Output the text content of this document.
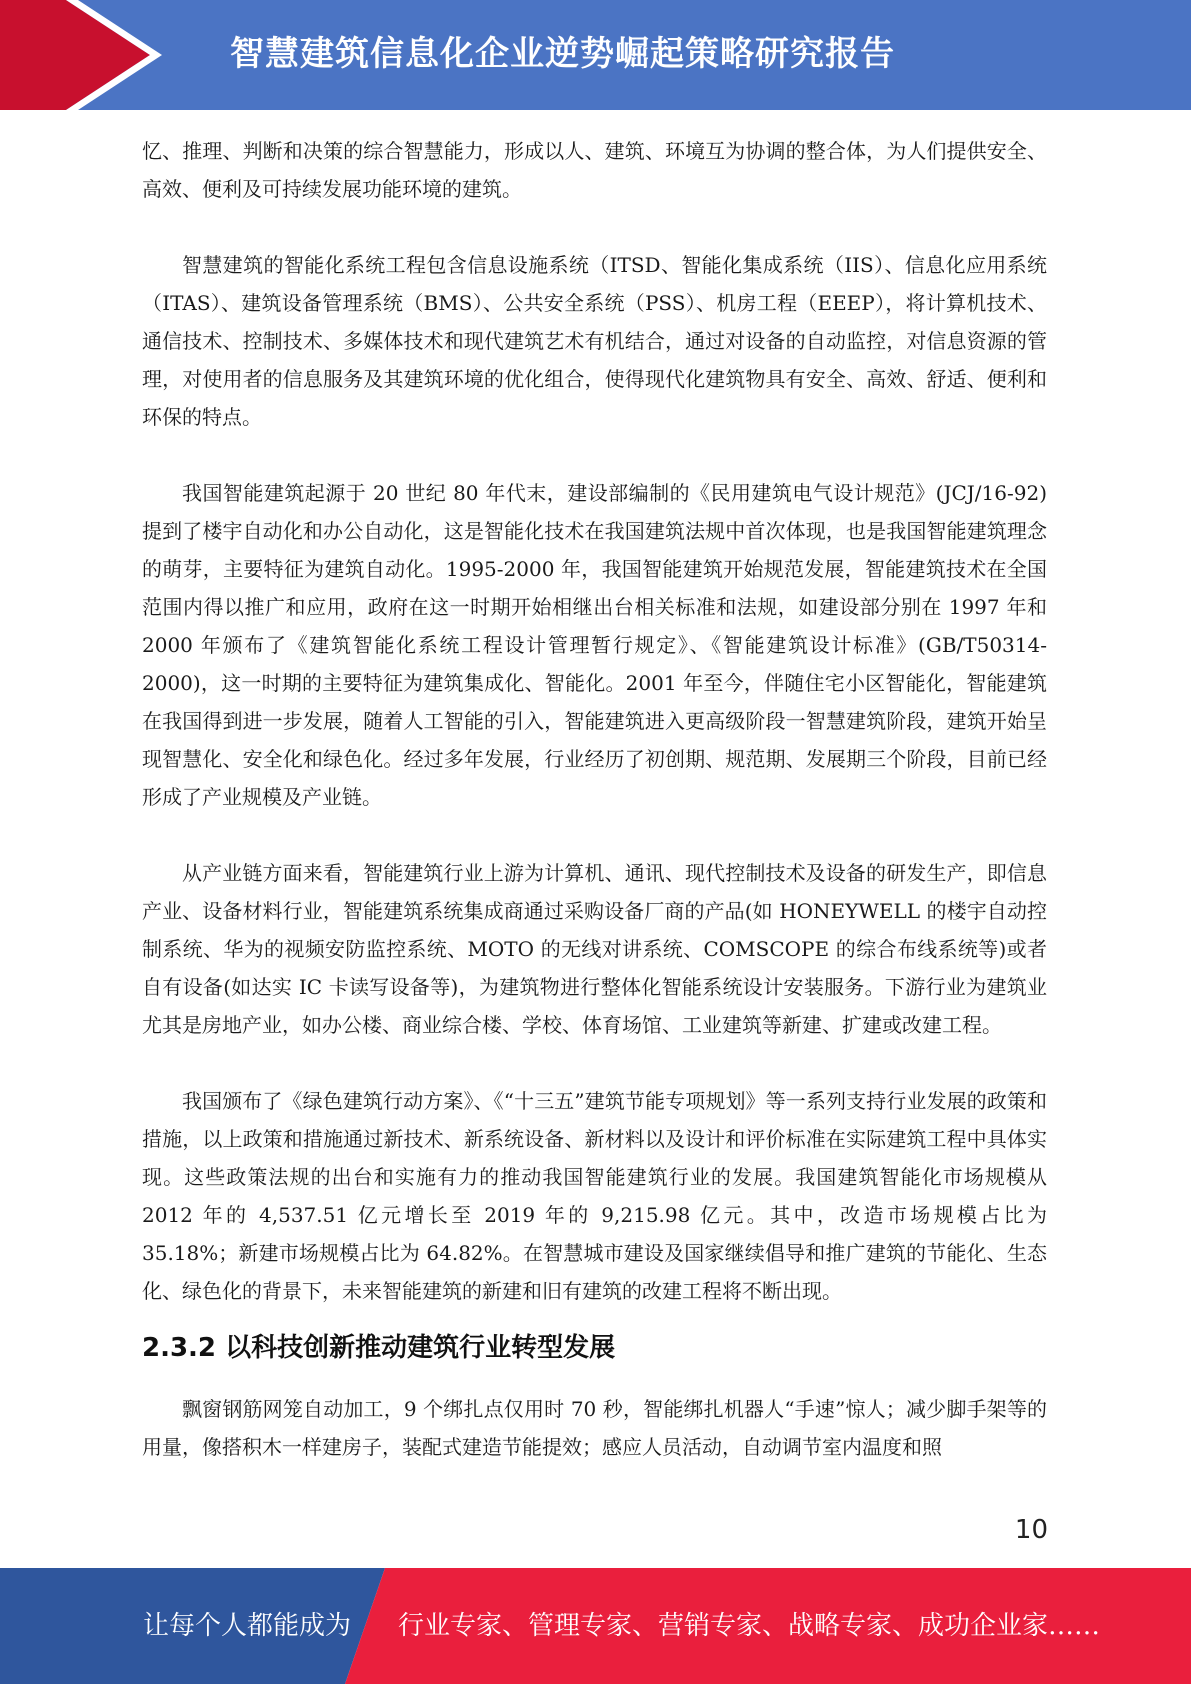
智慧建筑信息化企业逆势崛起策略研究报告

忆、推理、判断和决策的综合智慧能力，形成以人、建筑、环境互为协调的整合体，为人们提供安全、高效、便利及可持续发展功能环境的建筑。

智慧建筑的智能化系统工程包含信息设施系统（ITSD、智能化集成系统（IIS）、信息化应用系统（ITAS）、建筑设备管理系统（BMS）、公共安全系统（PSS）、机房工程（EEEP），将计算机技术、通信技术、控制技术、多媒体技术和现代建筑艺术有机结合，通过对设备的自动监控，对信息资源的管理，对使用者的信息服务及其建筑环境的优化组合，使得现代化建筑物具有安全、高效、舒适、便利和环保的特点。

我国智能建筑起源于 20 世纪 80 年代末，建设部编制的《民用建筑电气设计规范》(JCJ/16-92)提到了楼宇自动化和办公自动化，这是智能化技术在我国建筑法规中首次体现，也是我国智能建筑理念的萌芽，主要特征为建筑自动化。1995-2000 年，我国智能建筑开始规范发展，智能建筑技术在全国范围内得以推广和应用，政府在这一时期开始相继出台相关标准和法规，如建设部分别在 1997 年和 2000 年颁布了《建筑智能化系统工程设计管理暂行规定》、《智能建筑设计标准》(GB/T50314-2000)，这一时期的主要特征为建筑集成化、智能化。2001 年至今，伴随住宅小区智能化，智能建筑在我国得到进一步发展，随着人工智能的引入，智能建筑进入更高级阶段一智慧建筑阶段，建筑开始呈现智慧化、安全化和绿色化。经过多年发展，行业经历了初创期、规范期、发展期三个阶段，目前已经形成了产业规模及产业链。

从产业链方面来看，智能建筑行业上游为计算机、通讯、现代控制技术及设备的研发生产，即信息产业、设备材料行业，智能建筑系统集成商通过采购设备厂商的产品(如 HONEYWELL 的楼宇自动控制系统、华为的视频安防监控系统、MOTO 的无线对讲系统、COMSCOPE 的综合布线系统等)或者自有设备(如达实 IC 卡读写设备等)，为建筑物进行整体化智能系统设计安装服务。下游行业为建筑业尤其是房地产业，如办公楼、商业综合楼、学校、体育场馆、工业建筑等新建、扩建或改建工程。

我国颁布了《绿色建筑行动方案》、《“十三五”建筑节能专项规划》等一系列支持行业发展的政策和措施，以上政策和措施通过新技术、新系统设备、新材料以及设计和评价标准在实际建筑工程中具体实现。这些政策法规的出台和实施有力的推动我国智能建筑行业的发展。我国建筑智能化市场规模从 2012 年的 4,537.51 亿元增长至 2019 年的 9,215.98 亿元。其中，改造市场规模占比为 35.18%；新建市场规模占比为 64.82%。在智慧城市建设及国家继续倡导和推广建筑的节能化、生态化、绿色化的背景下，未来智能建筑的新建和旧有建筑的改建工程将不断出现。

2.3.2 以科技创新推动建筑行业转型发展

飘窗钢筋网笼自动加工，9 个绑扎点仅用时 70 秒，智能绑扎机器人“手速”惊人；减少脚手架等的用量，像搭积木一样建房子，装配式建造节能提效；感应人员活动，自动调节室内温度和照

10
让每个人都能成为 行业专家、管理专家、营销专家、战略专家、成功企业家……
